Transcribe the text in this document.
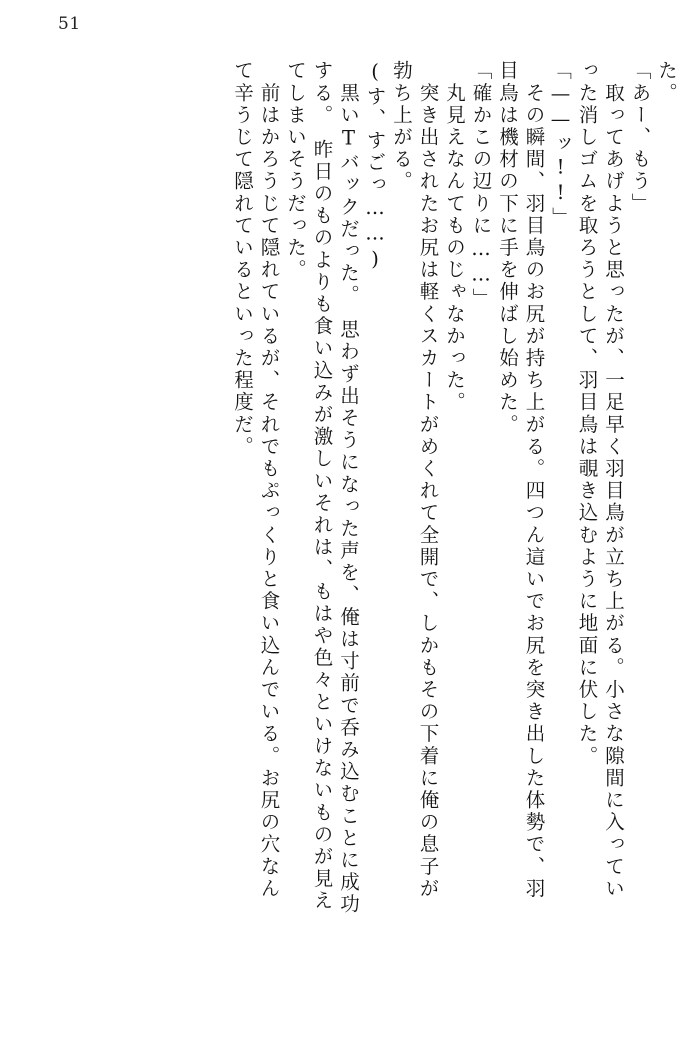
51
た。
「あー、もう」
　取ってあげようと思ったが、一足早く羽目鳥が立ち上がる。小さな隙間に入ってい
った消しゴムを取ろうとして、羽目鳥は覗き込むように地面に伏した。
「——ッ!!」
　その瞬間、羽目鳥のお尻が持ち上がる。四つん這いでお尻を突き出した体勢で、羽
目鳥は機材の下に手を伸ばし始めた。
「確かこの辺りに……」
　丸見えなんてものじゃなかった。
　突き出されたお尻は軽くスカートがめくれて全開で、しかもその下着に俺の息子が
勃ち上がる。
(す、すごっ……)
　黒いTバックだった。　思わず出そうになった声を、俺は寸前で呑み込むことに成功
する。　昨日のものよりも食い込みが激しいそれは、もはや色々といけないものが見え
てしまいそうだった。
　前はかろうじて隠れているが、それでもぷっくりと食い込んでいる。お尻の穴なん
て辛うじて隠れているといった程度だ。
